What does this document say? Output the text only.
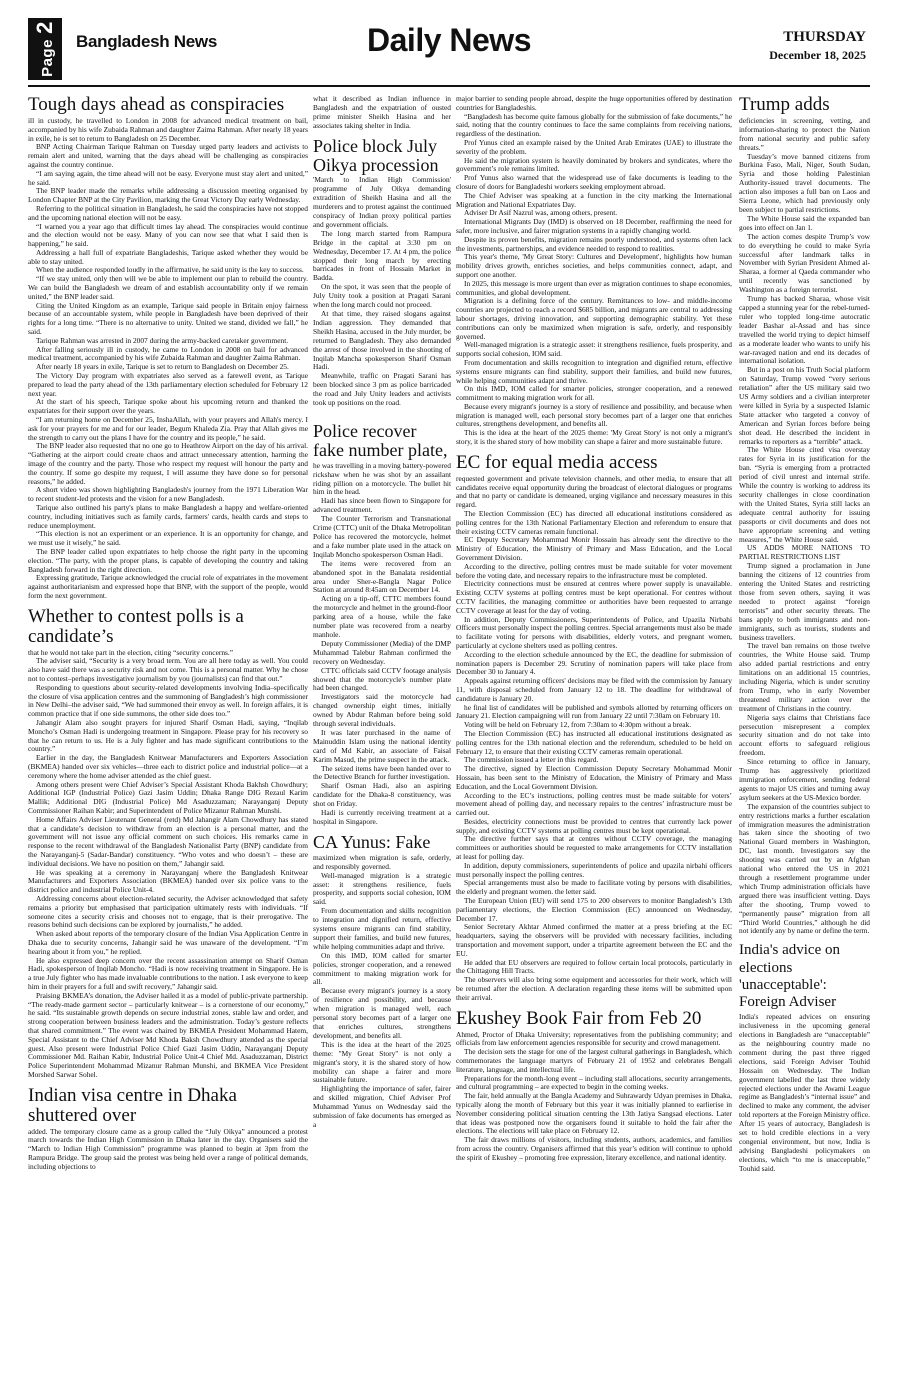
Page 2
Bangladesh News	Daily News	THURSDAY
December 18, 2025
Tough days ahead as conspiracies

ill in custody, he travelled to London in 2008 for advanced medical treatment on bail, accompanied by his wife Zubaida Rahman and daughter Zaima Rahman. After nearly 18 years in exile, he is set to return to Bangladesh on 25 December.

BNP Acting Chairman Tarique Rahman on Tuesday urged party leaders and activists to remain alert and united, warning that the days ahead will be challenging as conspiracies against the country continue.

“I am saying again, the time ahead will not be easy. Everyone must stay alert and united,” he said.

The BNP leader made the remarks while addressing a discussion meeting organised by London Chapter BNP at the City Pavilion, marking the Great Victory Day early Wednesday.

Referring to the political situation in Bangladesh, he said the conspiracies have not stopped and the upcoming national election will not be easy.

“I warned you a year ago that difficult times lay ahead. The conspiracies would continue and the election would not be easy. Many of you can now see that what I said then is happening,” he said.

Addressing a hall full of expatriate Bangladeshis, Tarique asked whether they would be able to stay united.

When the audience responded loudly in the affirmative, he said unity is the key to success.

“If we stay united, only then will we be able to implement our plan to rebuild the country. We can build the Bangladesh we dream of and establish accountability only if we remain united,” the BNP leader said.

Citing the United Kingdom as an example, Tarique said people in Britain enjoy fairness because of an accountable system, while people in Bangladesh have been deprived of their rights for a long time. “There is no alternative to unity. United we stand, divided we fall,” he said.

Tarique Rahman was arrested in 2007 during the army-backed caretaker government.

After falling seriously ill in custody, he came to London in 2008 on bail for advanced medical treatment, accompanied by his wife Zubaida Rahman and daughter Zaima Rahman.

After nearly 18 years in exile, Tarique is set to return to Bangladesh on December 25.

The Victory Day program with expatriates also served as a farewell event, as Tarique prepared to lead the party ahead of the 13th parliamentary election scheduled for February 12 next year.

At the start of his speech, Tarique spoke about his upcoming return and thanked the expatriates for their support over the years.

“I am returning home on December 25, InshaAllah, with your prayers and Allah's mercy. I ask for your prayers for me and for our leader, Begum Khaleda Zia. Pray that Allah gives me the strength to carry out the plans I have for the country and its people,” he said.

The BNP leader also requested that no one go to Heathrow Airport on the day of his arrival. “Gathering at the airport could create chaos and attract unnecessary attention, harming the image of the country and the party. Those who respect my request will honour the party and the country. If some go despite my request, I will assume they have done so for personal reasons,” he added.

A short video was shown highlighting Bangladesh's journey from the 1971 Liberation War to recent student-led protests and the vision for a new Bangladesh.

Tarique also outlined his party's plans to make Bangladesh a happy and welfare-oriented country, including initiatives such as family cards, farmers' cards, health cards and steps to reduce unemployment.

“This election is not an experiment or an experience. It is an opportunity for change, and we must use it wisely,” he said.

The BNP leader called upon expatriates to help choose the right party in the upcoming election. “The party, with the proper plans, is capable of developing the country and taking Bangladesh forward in the right direction.

Expressing gratitude, Tarique acknowledged the crucial role of expatriates in the movement against authoritarianism and expressed hope that BNP, with the support of the people, would form the next government.

Whether to contest polls is a candidate’s

that he would not take part in the election, citing “security concerns.”

The adviser said, “Security is a very broad term. You are all here today as well. You could also have said there was a security risk and not come. This is a personal matter. Why he chose not to contest–perhaps investigative journalism by you (journalists) can find that out.”

Responding to questions about security-related developments involving India–specifically the closure of visa application centres and the summoning of Bangladesh’s high commissioner in New Delhi–the adviser said, “We had summoned their envoy as well. In foreign affairs, it is common practice that if one side summons, the other side does too.”

Jahangir Alam also sought prayers for injured Sharif Osman Hadi, saying, “Inqilab Moncho’s Osman Hadi is undergoing treatment in Singapore. Please pray for his recovery so that he can return to us. He is a July fighter and has made significant contributions to the country.”

Earlier in the day, the Bangladesh Knitwear Manufacturers and Exporters Association (BKMEA) handed over six vehicles—three each to district police and industrial police—at a ceremony where the home adviser attended as the chief guest.

Among others present were Chief Adviser’s Special Assistant Khoda Bakhsh Chowdhury; Additional IGP (Industrial Police) Gazi Jasim Uddin; Dhaka Range DIG Rezaul Karim Mallik; Additional DIG (Industrial Police) Md Asaduzzaman; Narayanganj Deputy Commissioner Raihan Kabir; and Superintendent of Police Mizanur Rahman Munshi.

Home Affairs Adviser Lieutenant General (retd) Md Jahangir Alam Chowdhury has stated that a candidate’s decision to withdraw from an election is a personal matter, and the government will not issue any official comment on such choices. His remarks came in response to the recent withdrawal of the Bangladesh Nationalist Party (BNP) candidate from the Narayanganj-5 (Sadar-Bandar) constituency. “Who votes and who doesn’t – these are individual decisions. We have no position on them,” Jahangir said.

He was speaking at a ceremony in Narayanganj where the Bangladesh Knitwear Manufacturers and Exporters Association (BKMEA) handed over six police vans to the district police and industrial Police Unit-4.

Addressing concerns about election-related security, the Adviser acknowledged that safety remains a priority but emphasised that participation ultimately rests with individuals. “If someone cites a security crisis and chooses not to engage, that is their prerogative. The reasons behind such decisions can be explored by journalists,” he added.

When asked about reports of the temporary closure of the Indian Visa Application Centre in Dhaka due to security concerns, Jahangir said he was unaware of the development. “I’m hearing about it from you,” he replied.

He also expressed deep concern over the recent assassination attempt on Sharif Osman Hadi, spokesperson of Inqilab Moncho. “Hadi is now receiving treatment in Singapore. He is a true July fighter who has made invaluable contributions to the nation. I ask everyone to keep him in their prayers for a full and swift recovery,” Jahangir said.

Praising BKMEA’s donation, the Adviser hailed it as a model of public-private partnership. “The ready-made garment sector – particularly knitwear – is a cornerstone of our economy,” he said. “Its sustainable growth depends on secure industrial zones, stable law and order, and strong cooperation between business leaders and the administration. Today’s gesture reflects that shared commitment.” The event was chaired by BKMEA President Mohammad Hatem, Special Assistant to the Chief Adviser Md Khoda Baksh Chowdhury attended as the special guest. Also present were Industrial Police Chief Gazi Jasim Uddin, Narayanganj Deputy Commissioner Md. Raihan Kabir, Industrial Police Unit-4 Chief Md. Asaduzzaman, District Police Superintendent Mohammad Mizanur Rahman Munshi, and BKMEA Vice President Morshed Sarwar Sohel.

Indian visa centre in Dhaka shuttered over

added. The temporary closure came as a group called the “July Oikya” announced a protest march towards the Indian High Commission in Dhaka later in the day. Organisers said the “March to Indian High Commission” programme was planned to begin at 3pm from the Rampura Bridge. The group said the protest was being held over a range of political demands, including objections to

what it described as Indian influence in Bangladesh and the expatriation of ousted prime minister Sheikh Hasina and her associates taking shelter in India.

Police block July Oikya procession

'March to Indian High Commission' programme of July Oikya demanding extradition of Sheikh Hasina and all the murderers and to protest against the continued conspiracy of Indian proxy political parties and government officials.

The long march started from Rampura Bridge in the capital at 3:30 pm on Wednesday, December 17. At 4 pm, the police stopped their long march by erecting barricades in front of Hossain Market in Badda.

On the spot, it was seen that the people of July Unity took a position at Pragati Sarani when the long march could not proceed.

At that time, they raised slogans against Indian aggression. They demanded that Sheikh Hasina, accused in the July murder, be returned to Bangladesh. They also demanded the arrest of those involved in the shooting of Inqilab Mancha spokesperson Sharif Osman Hadi.

Meanwhile, traffic on Pragati Sarani has been blocked since 3 pm as police barricaded the road and July Unity leaders and activists took up positions on the road.

Police recover fake number plate,

he was travelling in a moving battery-powered rickshaw when he was shot by an assailant riding pillion on a motorcycle. The bullet hit him in the head.

Hadi has since been flown to Singapore for advanced treatment.

The Counter Terrorism and Transnational Crime (CTTC) unit of the Dhaka Metropolitan Police has recovered the motorcycle, helmet and a fake number plate used in the attack on Inqilab Moncho spokesperson Osman Hadi.

The items were recovered from an abandoned spot in the Banalata residential area under Sher-e-Bangla Nagar Police Station at around 8:45am on December 14.

Acting on a tip-off, CTTC members found the motorcycle and helmet in the ground-floor parking area of a house, while the fake number plate was recovered from a nearby manhole.

Deputy Commissioner (Media) of the DMP Muhammad Talebur Rahman confirmed the recovery on Wednesday.

CTTC officials said CCTV footage analysis showed that the motorcycle's number plate had been changed.

Investigators said the motorcycle had changed ownership eight times, initially owned by Abdur Rahman before being sold through several individuals.

It was later purchased in the name of Mainuddin Islam using the national identity card of Md Kabir, an associate of Faisal Karim Masud, the prime suspect in the attack.

The seized items have been handed over to the Detective Branch for further investigation.

Sharif Osman Hadi, also an aspiring candidate for the Dhaka-8 constituency, was shot on Friday.

Hadi is currently receiving treatment at a hospital in Singapore.

CA Yunus: Fake

maximized when migration is safe, orderly, and responsibly governed.

Well-managed migration is a strategic asset: it strengthens resilience, fuels prosperity, and supports social cohesion, IOM said.

From documentation and skills recognition to integration and dignified return, effective systems ensure migrants can find stability, support their families, and build new futures, while helping communities adapt and thrive.

On this IMD, IOM called for smarter policies, stronger cooperation, and a renewed commitment to making migration work for all.

Because every migrant's journey is a story of resilience and possibility, and because when migration is managed well, each personal story becomes part of a larger one that enriches cultures, strengthens development, and benefits all.

This is the idea at the heart of the 2025 theme: "My Great Story" is not only a migrant's story, it is the shared story of how mobility can shape a fairer and more sustainable future.

Highlighting the importance of safer, fairer and skilled migration, Chief Adviser Prof Muhammad Yunus on Wednesday said the submission of fake documents has emerged as a

major barrier to sending people abroad, despite the huge opportunities offered by destination countries for Bangladeshis.

“Bangladesh has become quite famous globally for the submission of fake documents,” he said, noting that the country continues to face the same complaints from receiving nations, regardless of the destination.

Prof Yunus cited an example raised by the United Arab Emirates (UAE) to illustrate the severity of the problem.

He said the migration system is heavily dominated by brokers and syndicates, where the government’s role remains limited.

Prof Yunus also warned that the widespread use of fake documents is leading to the closure of doors for Bangladeshi workers seeking employment abroad.

The Chief Adviser was speaking at a function in the city marking the International Migration and National Expatriates Day.

Adviser Dr Asif Nazrul was, among others, present.

International Migrants Day (IMD) is observed on 18 December, reaffirming the need for safer, more inclusive, and fairer migration systems in a rapidly changing world.

Despite its proven benefits, migration remains poorly understood, and systems often lack the investments, partnerships, and evidence needed to respond to realities.

This year's theme, 'My Great Story: Cultures and Development', highlights how human mobility drives growth, enriches societies, and helps communities connect, adapt, and support one another.

In 2025, this message is more urgent than ever as migration continues to shape economies, communities, and global development.

Migration is a defining force of the century. Remittances to low- and middle-income countries are projected to reach a record $685 billion, and migrants are central to addressing labour shortages, driving innovation, and supporting demographic stability. Yet these contributions can only be maximized when migration is safe, orderly, and responsibly governed.

Well-managed migration is a strategic asset: it strengthens resilience, fuels prosperity, and supports social cohesion, IOM said.

From documentation and skills recognition to integration and dignified return, effective systems ensure migrants can find stability, support their families, and build new futures, while helping communities adapt and thrive.

On this IMD, IOM called for smarter policies, stronger cooperation, and a renewed commitment to making migration work for all.

Because every migrant's journey is a story of resilience and possibility, and because when migration is managed well, each personal story becomes part of a larger one that enriches cultures, strengthens development, and benefits all.

This is the idea at the heart of the 2025 theme: 'My Great Story' is not only a migrant's story, it is the shared story of how mobility can shape a fairer and more sustainable future.

EC for equal media access

requested government and private television channels, and other media, to ensure that all candidates receive equal opportunity during the broadcast of electoral dialogues or programs and that no party or candidate is demeaned, urging vigilance and necessary measures in this regard.

The Election Commission (EC) has directed all educational institutions considered as polling centres for the 13th National Parliamentary Election and referendum to ensure that their existing CCTV cameras remain functional.

EC Deputy Secretary Mohammad Monir Hossain has already sent the directive to the Ministry of Education, the Ministry of Primary and Mass Education, and the Local Government Division.

According to the directive, polling centres must be made suitable for voter movement before the voting date, and necessary repairs to the infrastructure must be completed.

Electricity connections must be ensured at centres where power supply is unavailable. Existing CCTV systems at polling centres must be kept operational. For centres without CCTV facilities, the managing committee or authorities have been requested to arrange CCTV coverage at least for the day of voting.

In addition, Deputy Commissioners, Superintendents of Police, and Upazila Nirbahi Officers must personally inspect the polling centres. Special arrangements must also be made to facilitate voting for persons with disabilities, elderly voters, and pregnant women, particularly at cyclone shelters used as polling centres.

According to the election schedule announced by the EC, the deadline for submission of nomination papers is December 29. Scrutiny of nomination papers will take place from December 30 to January 4.

Appeals against returning officers' decisions may be filed with the commission by January 11, with disposal scheduled from January 12 to 18. The deadline for withdrawal of candidature is January 20.

he final list of candidates will be published and symbols allotted by returning officers on January 21. Election campaigning will run from January 22 until 7:30am on February 10.

Voting will be held on February 12, from 7:30am to 4:30pm without a break.

The Election Commission (EC) has instructed all educational institutions designated as polling centres for the 13th national election and the referendum, scheduled to be held on February 12, to ensure that their existing CCTV cameras remain operational.

The commission issued a letter in this regard.

The directive, signed by Election Commission Deputy Secretary Mohammad Monir Hossain, has been sent to the Ministry of Education, the Ministry of Primary and Mass Education, and the Local Government Division.

According to the EC’s instructions, polling centres must be made suitable for voters’ movement ahead of polling day, and necessary repairs to the centres’ infrastructure must be carried out.

Besides, electricity connections must be provided to centres that currently lack power supply, and existing CCTV systems at polling centres must be kept operational.

The directive further says that at centres without CCTV coverage, the managing committees or authorities should be requested to make arrangements for CCTV installation at least for polling day.

In addition, deputy commissioners, superintendents of police and upazila nirbahi officers must personally inspect the polling centres.

Special arrangements must also be made to facilitate voting by persons with disabilities, the elderly and pregnant women. the letter said.

The European Union (EU) will send 175 to 200 observers to monitor Bangladesh’s 13th parliamentary elections, the Election Commission (EC) announced on Wednesday, December 17.

Senior Secretary Akhtar Ahmed confirmed the matter at a press briefing at the EC headquarters, saying the observers will be provided with necessary facilities, including transportation and movement support, under a tripartite agreement between the EC and the EU.

He added that EU observers are required to follow certain local protocols, particularly in the Chittagong Hill Tracts.

The observers will also bring some equipment and accessories for their work, which will be returned after the election. A declaration regarding these items will be submitted upon their arrival.

Ekushey Book Fair from Feb 20

Ahmed, Proctor of Dhaka University; representatives from the publishing community; and officials from law enforcement agencies responsible for security and crowd management.

The decision sets the stage for one of the largest cultural gatherings in Bangladesh, which commemorates the language martyrs of February 21 of 1952 and celebrates Bengali literature, language, and intellectual life.

Preparations for the month-long event – including stall allocations, security arrangements, and cultural programming – are expected to begin in the coming weeks.

The fair, held annually at the Bangla Academy and Suhrawardy Udyan premises in Dhaka, typically along the month of February but this year it was initially planned to earlierise in November considering political situation centring the 13th Jatiya Sangsad elections. Later that ideas was postponed now the organisers found it suitable to hold the fair after the elections. The elections will take place on February 12.

The fair draws millions of visitors, including students, authors, academics, and families from across the country. Organisers affirmed that this year’s edition will continue to uphold the spirit of Ekushey – promoting free expression, literary excellence, and national identity.

Trump adds

deficiencies in screening, vetting, and information-sharing to protect the Nation from national security and public safety threats.”

Tuesday’s move banned citizens from Burkina Faso, Mali, Niger, South Sudan, Syria and those holding Palestinian Authority-issued travel documents. The action also imposes a full ban on Laos and Sierra Leone, which had previously only been subject to partial restrictions.

The White House said the expanded ban goes into effect on Jan 1.

The action comes despite Trump’s vow to do everything he could to make Syria successful after landmark talks in November with Syrian President Ahmed al-Sharaa, a former al Qaeda commander who until recently was sanctioned by Washington as a foreign terrorist.

Trump has backed Sharaa, whose visit capped a stunning year for the rebel-turned-ruler who toppled long-time autocratic leader Bashar al-Assad and has since travelled the world trying to depict himself as a moderate leader who wants to unify his war-ravaged nation and end its decades of international isolation.

But in a post on his Truth Social platform on Saturday, Trump vowed “very serious retaliation” after the US military said two US Army soldiers and a civilian interpreter were killed in Syria by a suspected Islamic State attacker who targeted a convoy of American and Syrian forces before being shot dead. He described the incident in remarks to reporters as a “terrible” attack.

The White House cited visa overstay rates for Syria in its justification for the ban. “Syria is emerging from a protracted period of civil unrest and internal strife. While the country is working to address its security challenges in close coordination with the United States, Syria still lacks an adequate central authority for issuing passports or civil documents and does not have appropriate screening and vetting measures,” the White House said.

US ADDS MORE NATIONS TO PARTIAL RESTRICTIONS LIST

Trump signed a proclamation in June banning the citizens of 12 countries from entering the United States and restricting those from seven others, saying it was needed to protect against “foreign terrorists” and other security threats. The bans apply to both immigrants and non-immigrants, such as tourists, students and business travellers.

The travel ban remains on those twelve countries, the White House said. Trump also added partial restrictions and entry limitations on an additional 15 countries, including Nigeria, which is under scrutiny from Trump, who in early November threatened military action over the treatment of Christians in the country.

Nigeria says claims that Christians face persecution misrepresent a complex security situation and do not take into account efforts to safeguard religious freedom.

Since returning to office in January, Trump has aggressively prioritized immigration enforcement, sending federal agents to major US cities and turning away asylum seekers at the US-Mexico border.

The expansion of the countries subject to entry restrictions marks a further escalation of immigration measures the administration has taken since the shooting of two National Guard members in Washington, DC, last month. Investigators say the shooting was carried out by an Afghan national who entered the US in 2021 through a resettlement programme under which Trump administration officials have argued there was insufficient vetting. Days after the shooting, Trump vowed to “permanently pause” migration from all “Third World Countries,” although he did not identify any by name or define the term.

India's advice on elections 'unacceptable': Foreign Adviser

India's repeated advices on ensuring inclusiveness in the upcoming general elections in Bangladesh are “unacceptable” as the neighbouring country made no comment during the past three rigged elections, said Foreign Adviser Touhid Hossain on Wednesday. The Indian government labelled the last three widely rejected elections under the Awami League regime as Bangladesh’s “internal issue” and declined to make any comment, the adviser told reporters at the Foreign Ministry office. After 15 years of autocracy, Bangladesh is set to hold credible elections in a very congenial environment, but now, India is advising Bangladeshi policymakers on elections, which “to me is unacceptable,” Touhid said.
